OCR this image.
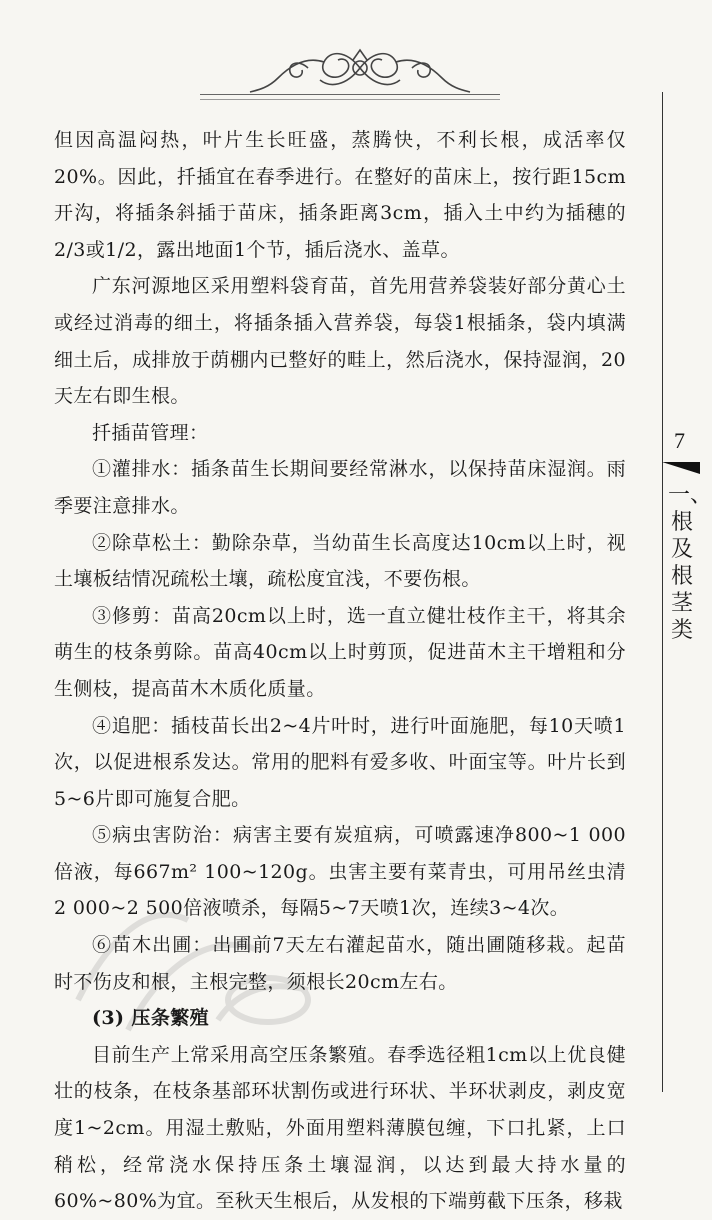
7
一、根及根茎类

但因高温闷热，叶片生长旺盛，蒸腾快，不利长根，成活率仅20%。因此，扦插宜在春季进行。在整好的苗床上，按行距15cm开沟，将插条斜插于苗床，插条距离3cm，插入土中约为插穗的2/3或1/2，露出地面1个节，插后浇水、盖草。

广东河源地区采用塑料袋育苗，首先用营养袋装好部分黄心土或经过消毒的细土，将插条插入营养袋，每袋1根插条，袋内填满细土后，成排放于荫棚内已整好的畦上，然后浇水，保持湿润，20天左右即生根。

扦插苗管理：

①灌排水：插条苗生长期间要经常淋水，以保持苗床湿润。雨季要注意排水。

②除草松土：勤除杂草，当幼苗生长高度达10cm以上时，视土壤板结情况疏松土壤，疏松度宜浅，不要伤根。

③修剪：苗高20cm以上时，选一直立健壮枝作主干，将其余萌生的枝条剪除。苗高40cm以上时剪顶，促进苗木主干增粗和分生侧枝，提高苗木木质化质量。

④追肥：插枝苗长出2~4片叶时，进行叶面施肥，每10天喷1次，以促进根系发达。常用的肥料有爱多收、叶面宝等。叶片长到5~6片即可施复合肥。

⑤病虫害防治：病害主要有炭疽病，可喷露速净800~1 000倍液，每667m² 100~120g。虫害主要有菜青虫，可用吊丝虫清2 000~2 500倍液喷杀，每隔5~7天喷1次，连续3~4次。

⑥苗木出圃：出圃前7天左右灌起苗水，随出圃随移栽。起苗时不伤皮和根，主根完整，须根长20cm左右。

(3) 压条繁殖

目前生产上常采用高空压条繁殖。春季选径粗1cm以上优良健壮的枝条，在枝条基部环状割伤或进行环状、半环状剥皮，剥皮宽度1~2cm。用湿土敷贴，外面用塑料薄膜包缠，下口扎紧，上口稍松，经常浇水保持压条土壤湿润，以达到最大持水量的60%~80%为宜。至秋天生根后，从发根的下端剪截下压条，移栽
